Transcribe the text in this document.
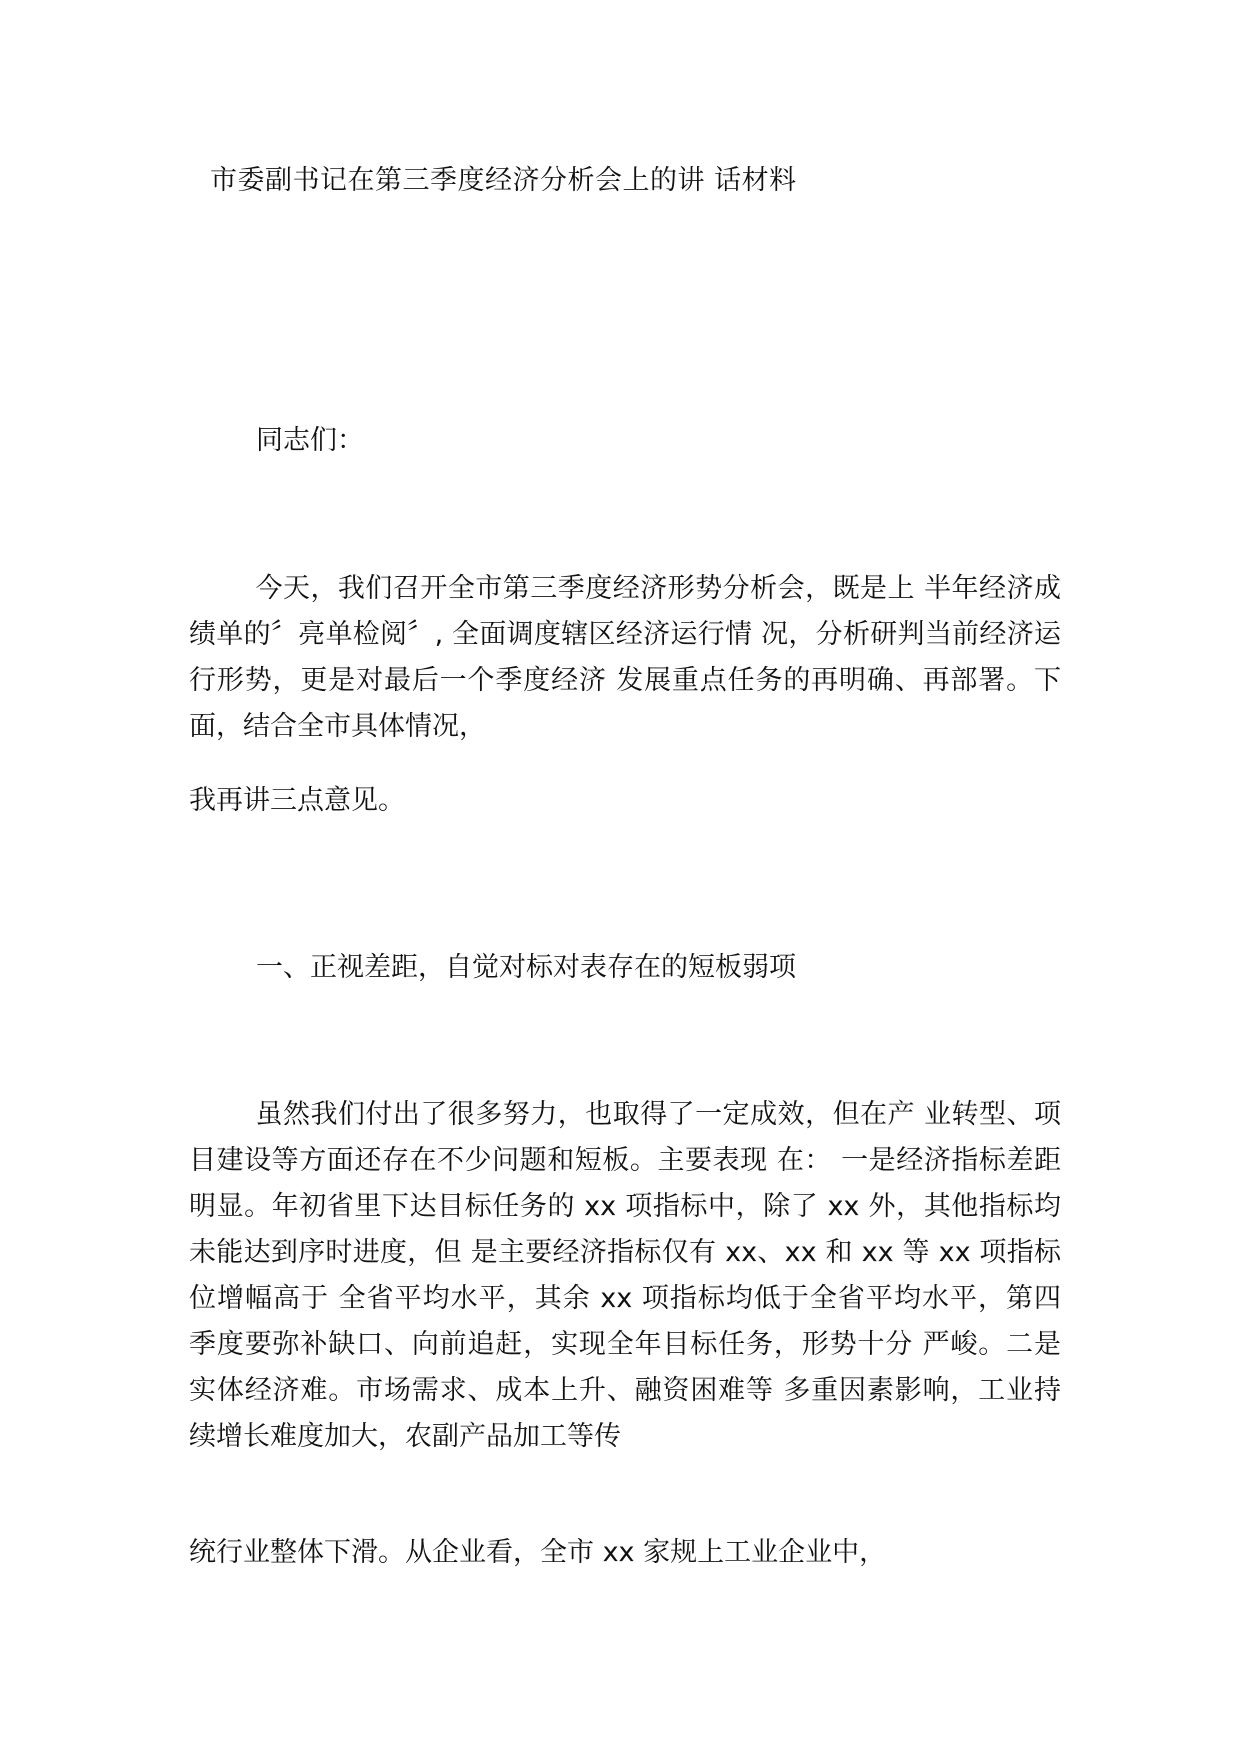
市委副书记在第三季度经济分析会上的讲 话材料
同志们：
今天，我们召开全市第三季度经济形势分析会，既是上 半年经济成绩单的〞亮单检阅〞, 全面调度辖区经济运行情 况，分析研判当前经济运行形势，更是对最后一个季度经济 发展重点任务的再明确、再部署。下面，结合全市具体情况，
我再讲三点意见。
一、正视差距，自觉对标对表存在的短板弱项
虽然我们付出了很多努力，也取得了一定成效，但在产 业转型、项目建设等方面还存在不少问题和短板。主要表现 在： 一是经济指标差距明显。年初省里下达目标任务的 xx 项指标中，除了 xx 外，其他指标均未能达到序时进度，但 是主要经济指标仅有 xx、xx 和 xx 等 xx 项指标位增幅高于 全省平均水平，其余 xx 项指标均低于全省平均水平，第四 季度要弥补缺口、向前追赶，实现全年目标任务，形势十分 严峻。二是实体经济难。市场需求、成本上升、融资困难等 多重因素影响，工业持续增长难度加大，农副产品加工等传
统行业整体下滑。从企业看，全市 xx 家规上工业企业中，
